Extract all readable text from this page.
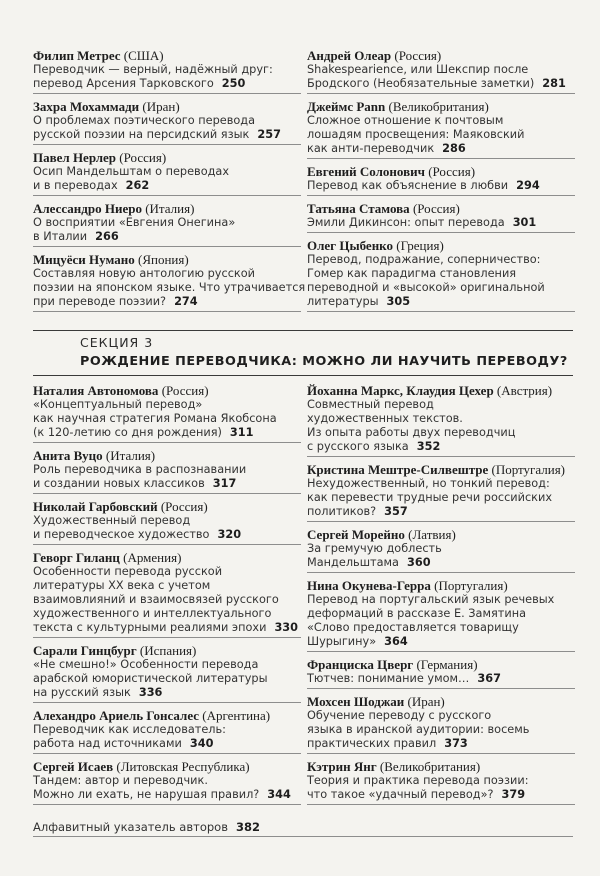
Филип Метрес (США)
Переводчик — верный, надёжный друг:
перевод Арсения Тарковского 250
Захра Мохаммади (Иран)
О проблемах поэтического перевода
русской поэзии на персидский язык 257
Павел Нерлер (Россия)
Осип Мандельштам о переводах
и в переводах 262
Алессандро Ниеро (Италия)
О восприятии «Евгения Онегина»
в Италии 266
Мицуёси Нумано (Япония)
Составляя новую антологию русской
поэзии на японском языке. Что утрачивается
при переводе поэзии? 274
Андрей Олеар (Россия)
Shakespearience, или Шекспир после
Бродского (Необязательные заметки) 281
Джеймс Рann (Великобритания)
Сложное отношение к почтовым
лошадям просвещения: Маяковский
как анти-переводчик 286
Евгений Солонович (Россия)
Перевод как объяснение в любви 294
Татьяна Стамова (Россия)
Эмили Дикинсон: опыт перевода 301
Олег Цыбенко (Греция)
Перевод, подражание, соперничество:
Гомер как парадигма становления
переводной и «высокой» оригинальной
литературы 305
СЕКЦИЯ 3
РОЖДЕНИЕ ПЕРЕВОДЧИКА: МОЖНО ЛИ НАУЧИТЬ ПЕРЕВОДУ?
Наталия Автономова (Россия)
«Концептуальный перевод»
как научная стратегия Романа Якобсона
(к 120-летию со дня рождения) 311
Анита Вуцо (Италия)
Роль переводчика в распознавании
и создании новых классиков 317
Николай Гарбовский (Россия)
Художественный перевод
и переводческое художество 320
Геворг Гиланц (Армения)
Особенности перевода русской
литературы XX века с учетом
взаимовлияний и взаимосвязей русского
художественного и интеллектуального
текста с культурными реалиями эпохи 330
Сарали Гинцбург (Испания)
«Не смешно!» Особенности перевода
арабской юмористической литературы
на русский язык 336
Алехандро Ариель Гонсалес (Аргентина)
Переводчик как исследователь:
работа над источниками 340
Сергей Исаев (Литовская Республика)
Тандем: автор и переводчик.
Можно ли ехать, не нарушая правил? 344
Йоханна Маркс, Клаудия Цехер (Австрия)
Совместный перевод
художественных текстов.
Из опыта работы двух переводчиц
с русского языка 352
Кристина Мештре-Силвештре (Португалия)
Нехудожественный, но тонкий перевод:
как перевести трудные речи российских
политиков? 357
Сергей Морейно (Латвия)
За гремучую доблесть
Мандельштама 360
Нина Окунева-Герра (Португалия)
Перевод на португальский язык речевых
деформаций в рассказе Е. Замятина
«Слово предоставляется товарищу
Шурыгину» 364
Франциска Цверг (Германия)
Тютчев: понимание умом… 367
Мохсен Шоджаи (Иран)
Обучение переводу с русского
языка в иранской аудитории: восемь
практических правил 373
Кэтрин Янг (Великобритания)
Теория и практика перевода поэзии:
что такое «удачный перевод»? 379
Алфавитный указатель авторов 382
